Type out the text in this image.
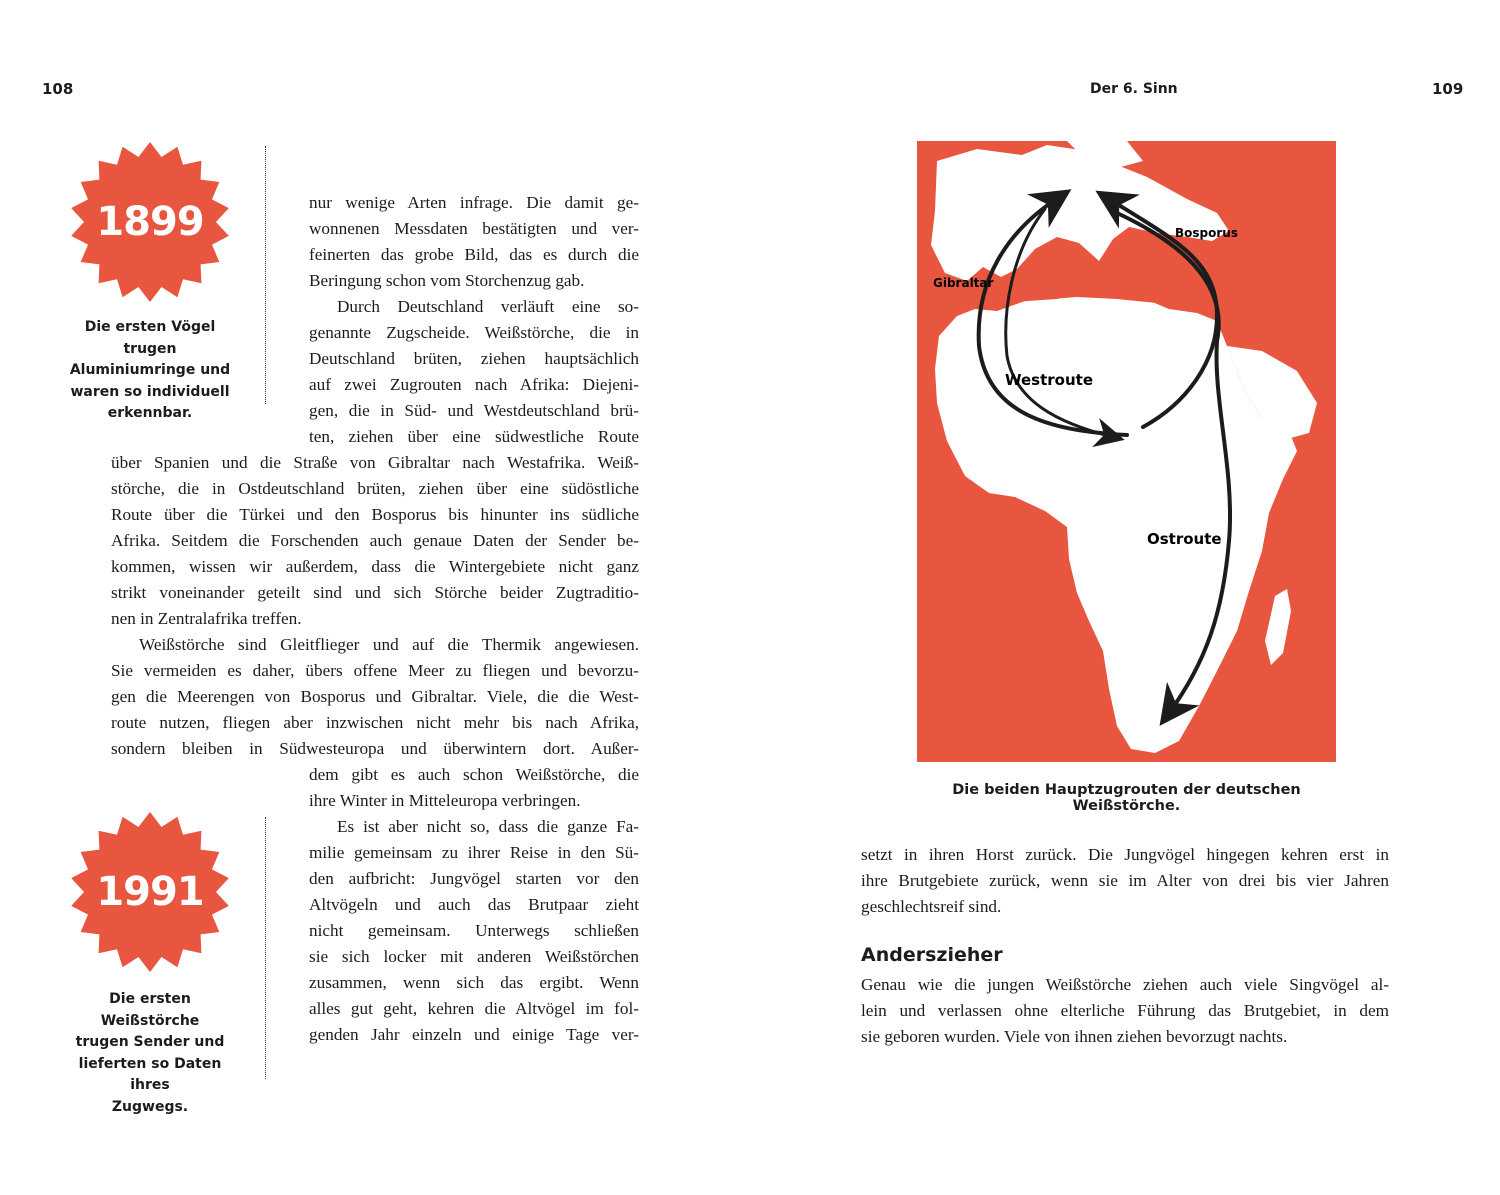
108
1899
Die ersten Vögel trugen
Aluminiumringe und
waren so individuell
erkennbar.
1991
Die ersten Weißstörche
trugen Sender und
lieferten so Daten ihres
Zugwegs.
nur wenige Arten infrage. Die damit ge-
wonnenen Messdaten bestätigten und ver-
feinerten das grobe Bild, das es durch die
Beringung schon vom Storchenzug gab.
Durch Deutschland verläuft eine so-
genannte Zugscheide. Weißstörche, die in
Deutschland brüten, ziehen hauptsächlich
auf zwei Zugrouten nach Afrika: Diejeni-
gen, die in Süd- und Westdeutschland brü-
ten, ziehen über eine südwestliche Route
über Spanien und die Straße von Gibraltar nach Westafrika. Weiß-
störche, die in Ostdeutschland brüten, ziehen über eine südöstliche
Route über die Türkei und den Bosporus bis hinunter ins südliche
Afrika. Seitdem die Forschenden auch genaue Daten der Sender be-
kommen, wissen wir außerdem, dass die Wintergebiete nicht ganz
strikt voneinander geteilt sind und sich Störche beider Zugtraditio-
nen in Zentralafrika treffen.
Weißstörche sind Gleitflieger und auf die Thermik angewiesen.
Sie vermeiden es daher, übers offene Meer zu fliegen und bevorzu-
gen die Meerengen von Bosporus und Gibraltar. Viele, die die West-
route nutzen, fliegen aber inzwischen nicht mehr bis nach Afrika,
sondern bleiben in Südwesteuropa und überwintern dort. Außer-
dem gibt es auch schon Weißstörche, die
ihre Winter in Mitteleuropa verbringen.
Es ist aber nicht so, dass die ganze Fa-
milie gemeinsam zu ihrer Reise in den Sü-
den aufbricht: Jungvögel starten vor den
Altvögeln und auch das Brutpaar zieht
nicht gemeinsam. Unterwegs schließen
sie sich locker mit anderen Weißstörchen
zusammen, wenn sich das ergibt. Wenn
alles gut geht, kehren die Altvögel im fol-
genden Jahr einzeln und einige Tage ver-
Der 6. Sinn	109
Gibraltar
Bosporus
Westroute
Ostroute
Die beiden Hauptzugrouten der deutschen Weißstörche.
setzt in ihren Horst zurück. Die Jungvögel hingegen kehren erst in
ihre Brutgebiete zurück, wenn sie im Alter von drei bis vier Jahren
geschlechtsreif sind.
Anderszieher
Genau wie die jungen Weißstörche ziehen auch viele Singvögel al-
lein und verlassen ohne elterliche Führung das Brutgebiet, in dem
sie geboren wurden. Viele von ihnen ziehen bevorzugt nachts.
